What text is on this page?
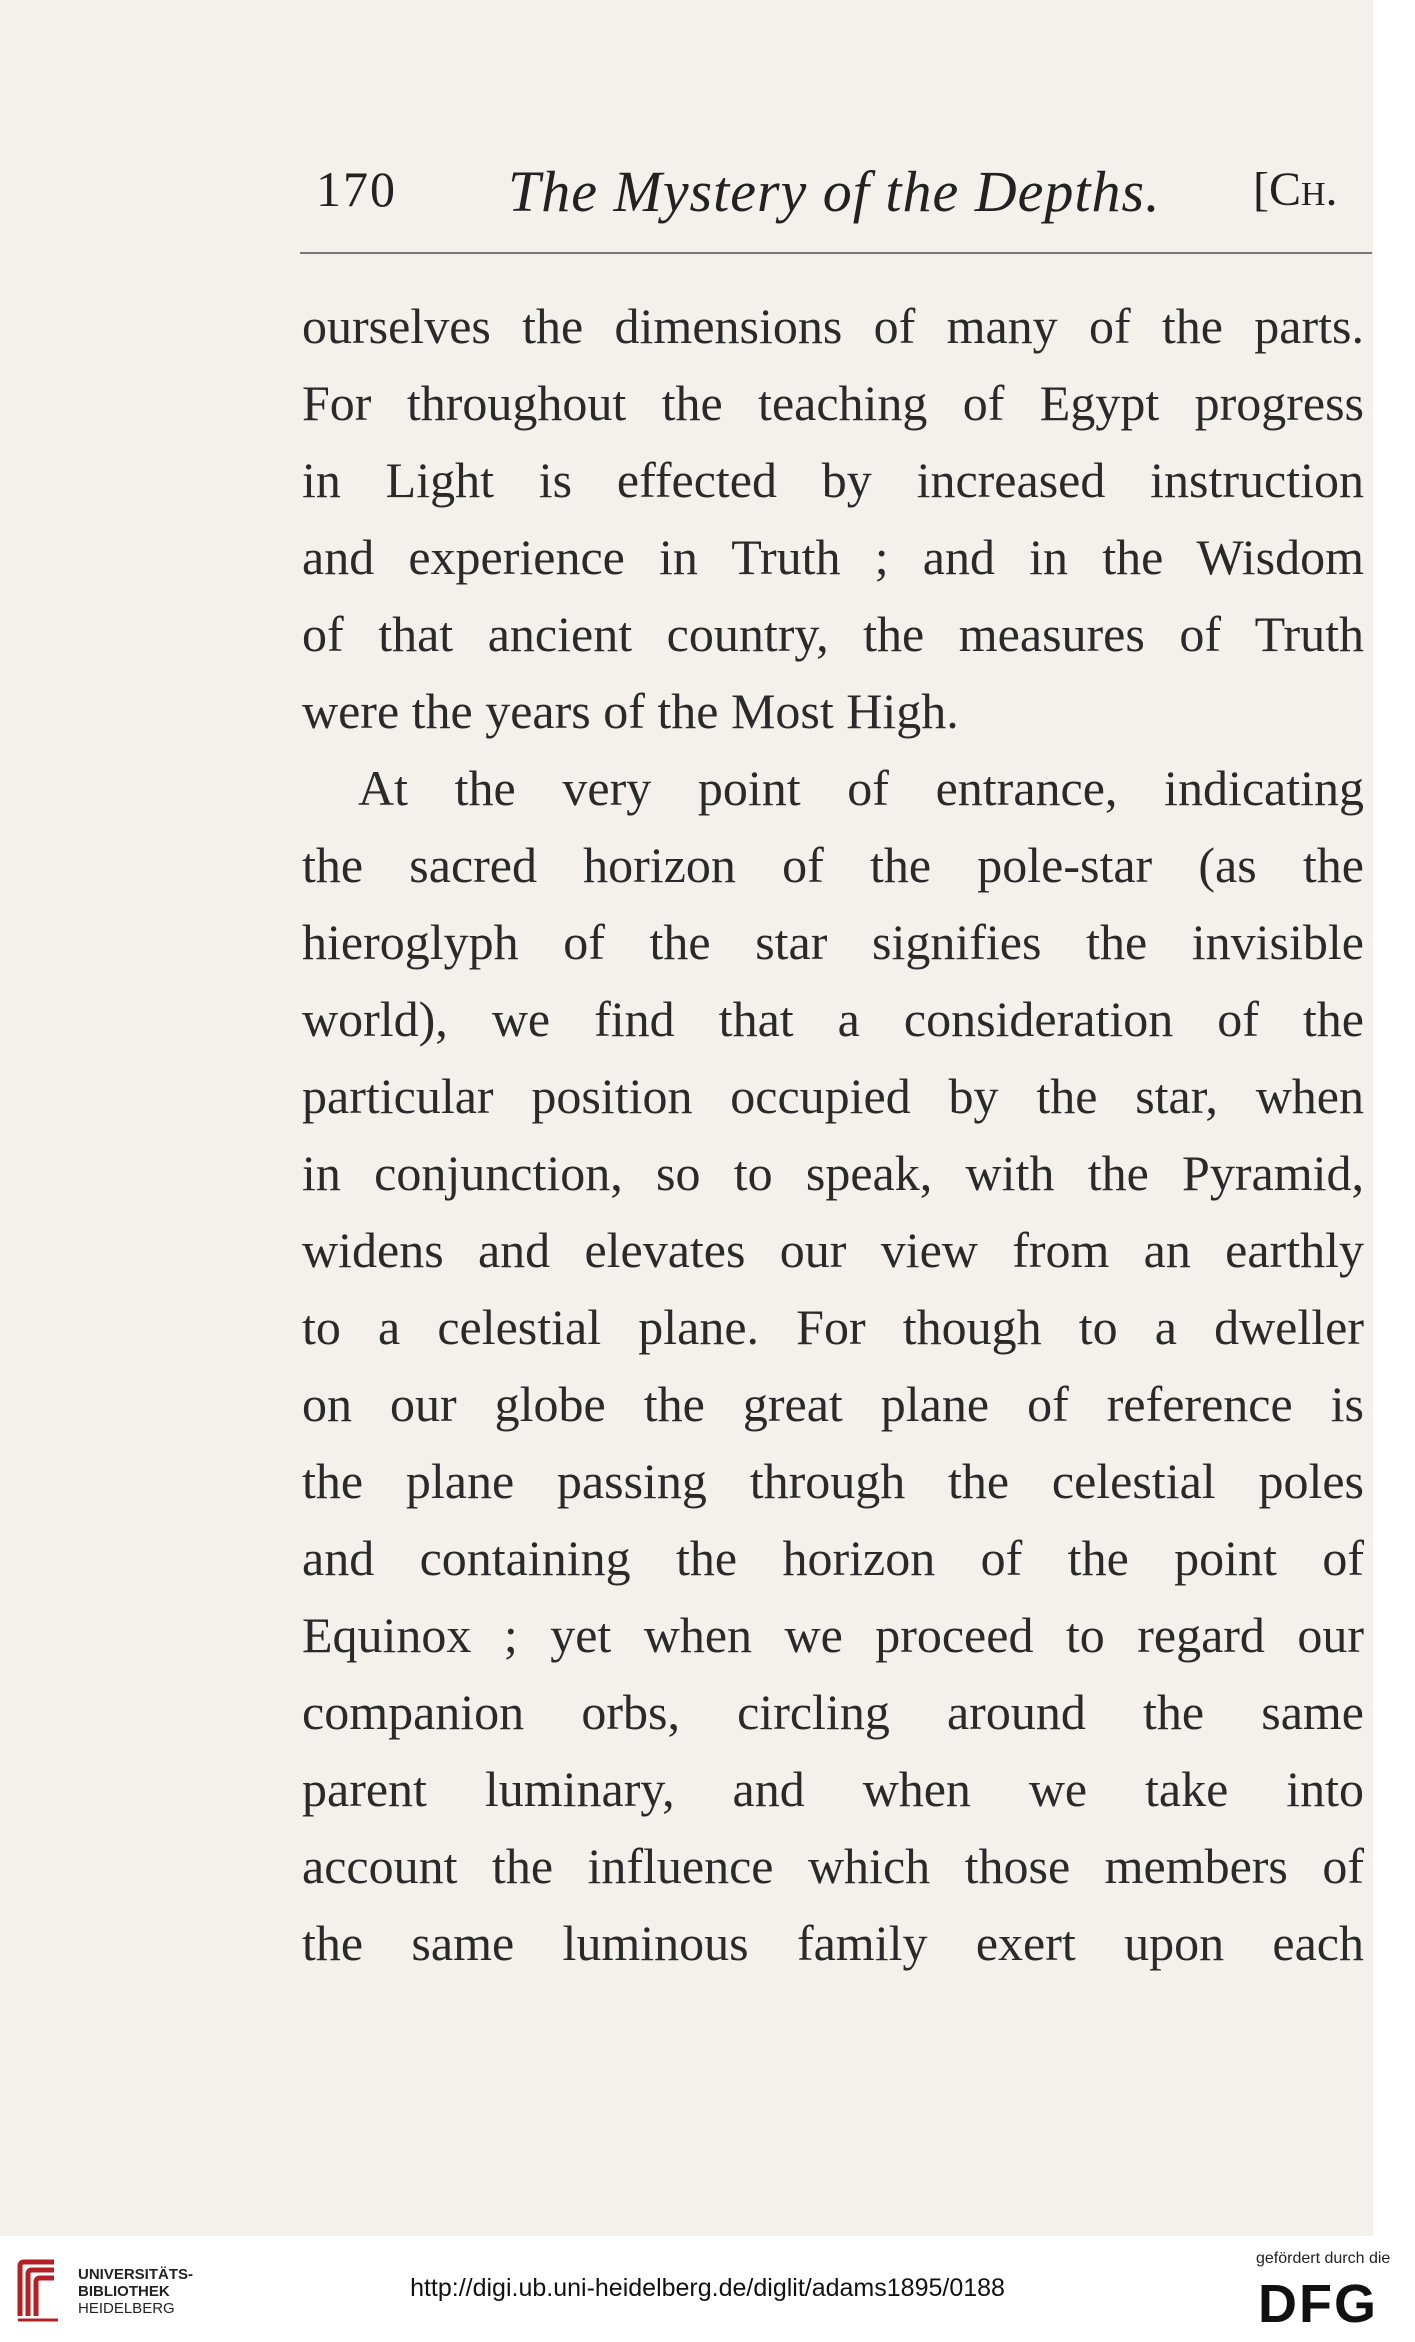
170 The Mystery of the Depths. [Ch.
ourselves the dimensions of many of the parts.
For throughout the teaching of Egypt progress
in Light is effected by increased instruction
and experience in Truth ; and in the Wisdom
of that ancient country, the measures of Truth
were the years of the Most High.
At the very point of entrance, indicating
the sacred horizon of the pole-star (as the
hieroglyph of the star signifies the invisible
world), we find that a consideration of the
particular position occupied by the star, when
in conjunction, so to speak, with the Pyramid,
widens and elevates our view from an earthly
to a celestial plane. For though to a dweller
on our globe the great plane of reference is
the plane passing through the celestial poles
and containing the horizon of the point of
Equinox ; yet when we proceed to regard our
companion orbs, circling around the same
parent luminary, and when we take into
account the influence which those members of
the same luminous family exert upon each
UNIVERSITÄTS-
BIBLIOTHEK
HEIDELBERG
http://digi.ub.uni-heidelberg.de/diglit/adams1895/0188
gefördert durch die
DFG
